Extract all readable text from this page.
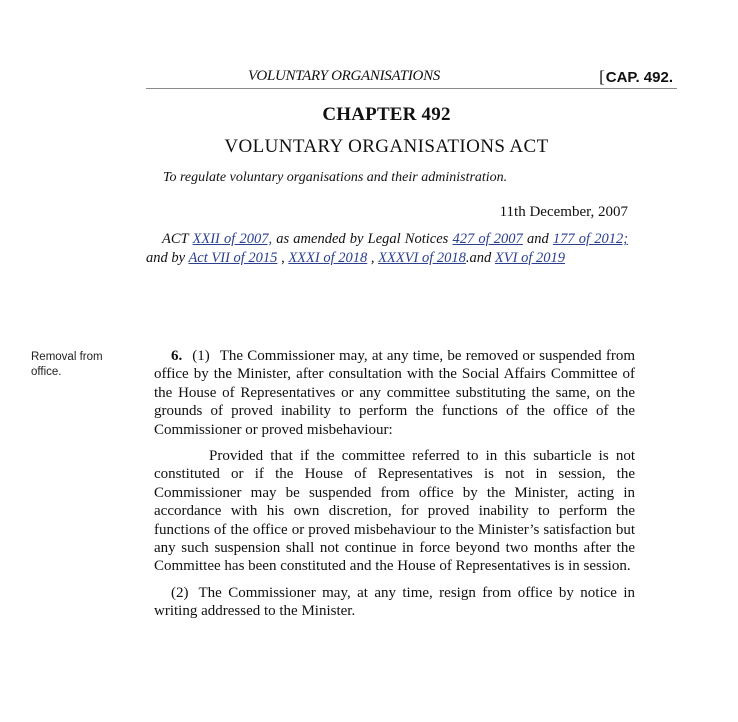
VOLUNTARY ORGANISATIONS	[CAP. 492.
CHAPTER 492
VOLUNTARY ORGANISATIONS ACT
To regulate voluntary organisations and their administration.
11th December, 2007
ACT XXII of 2007, as amended by Legal Notices 427 of 2007 and 177 of 2012; and by Act VII of 2015 , XXXI of 2018 , XXXVI of 2018.and XVI of 2019
Removal from office.

6. (1) The Commissioner may, at any time, be removed or suspended from office by the Minister, after consultation with the Social Affairs Committee of the House of Representatives or any committee substituting the same, on the grounds of proved inability to perform the functions of the office of the Commissioner or proved misbehaviour:

Provided that if the committee referred to in this subarticle is not constituted or if the House of Representatives is not in session, the Commissioner may be suspended from office by the Minister, acting in accordance with his own discretion, for proved inability to perform the functions of the office or proved misbehaviour to the Minister’s satisfaction but any such suspension shall not continue in force beyond two months after the Committee has been constituted and the House of Representatives is in session.

(2) The Commissioner may, at any time, resign from office by notice in writing addressed to the Minister.
